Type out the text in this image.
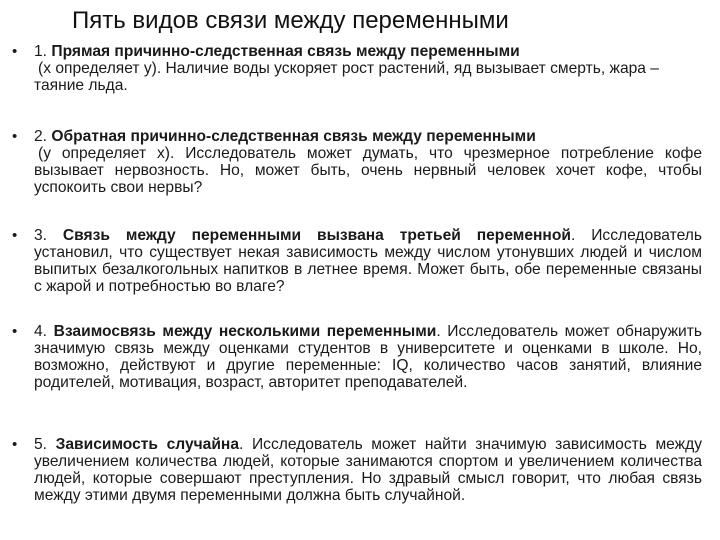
Пять видов связи между переменными
• 1. Прямая причинно-следственная связь между переменными
(x определяет y). Наличие воды ускоряет рост растений, яд вызывает смерть, жара – таяние льда.
• 2. Обратная причинно-следственная связь между переменными
(y определяет x). Исследователь может думать, что чрезмерное потребление кофе вызывает нервозность. Но, может быть, очень нервный человек хочет кофе, чтобы успокоить свои нервы?
• 3. Связь между переменными вызвана третьей переменной. Исследователь установил, что существует некая зависимость между числом утонувших людей и числом выпитых безалкогольных напитков в летнее время. Может быть, обе переменные связаны с жарой и потребностью во влаге?
• 4. Взаимосвязь между несколькими переменными. Исследователь может обнаружить значимую связь между оценками студентов в университете и оценками в школе. Но, возможно, действуют и другие переменные: IQ, количество часов занятий, влияние родителей, мотивация, возраст, авторитет преподавателей.
• 5. Зависимость случайна. Исследователь может найти значимую зависимость между увеличением количества людей, которые занимаются спортом и увеличением количества людей, которые совершают преступления. Но здравый смысл говорит, что любая связь между этими двумя переменными должна быть случайной.
